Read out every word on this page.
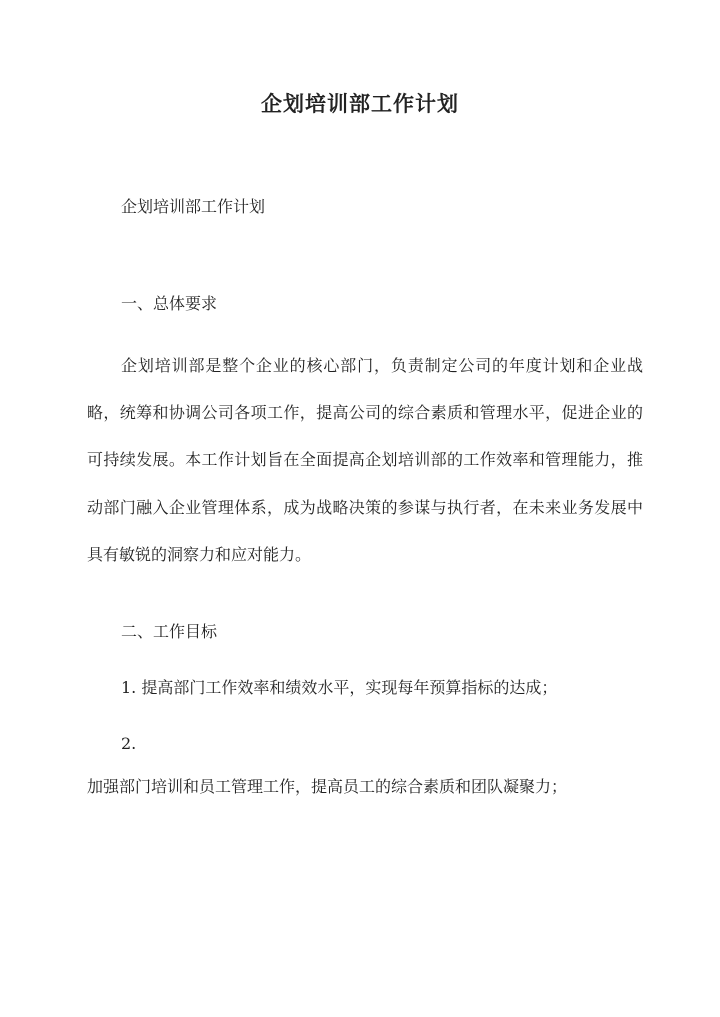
企划培训部工作计划
企划培训部工作计划
一、总体要求
企划培训部是整个企业的核心部门，负责制定公司的年度计划和企业战略，统筹和协调公司各项工作，提高公司的综合素质和管理水平，促进企业的可持续发展。本工作计划旨在全面提高企划培训部的工作效率和管理能力，推动部门融入企业管理体系，成为战略决策的参谋与执行者，在未来业务发展中具有敏锐的洞察力和应对能力。
二、工作目标
1. 提高部门工作效率和绩效水平，实现每年预算指标的达成；
2.
加强部门培训和员工管理工作，提高员工的综合素质和团队凝聚力；
